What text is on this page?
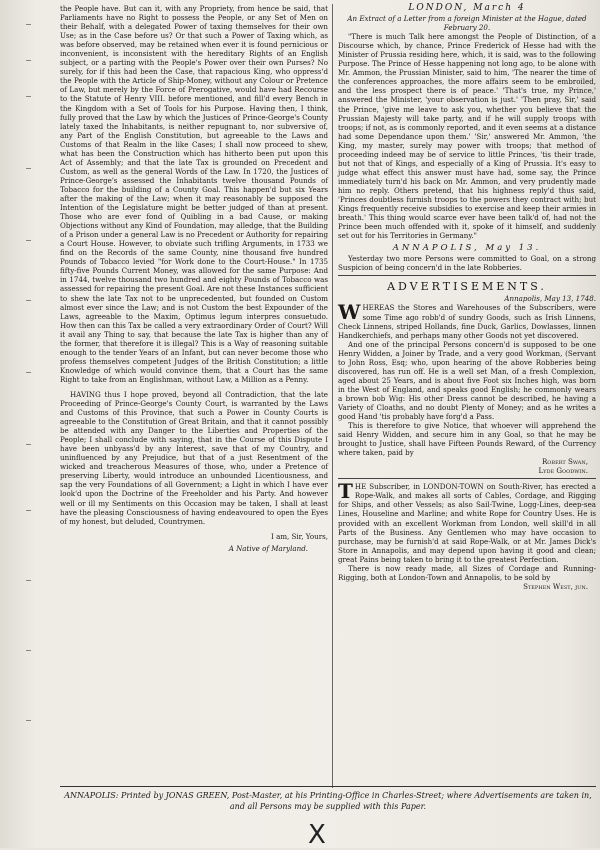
the People have. But can it, with any Propriety, from hence be said, that Parliaments have no Right to possess the People, or any Set of Men on their Behalf, with a delegated Power of taxing themselves for their own Use; as in the Case before us? Or that such a Power of Taxing which, as was before observed, may be retained when ever it is found pernicious or inconvenient, is inconsistent with the hereditary Rights of an English subject, or a parting with the People's Power over their own Purses? No surely, for if this had been the Case, that rapacious King, who oppress'd the People with the Article of Ship-Money, without any Colour or Pretence of Law, but merely by the Force of Prerogative, would have had Recourse to the Statute of Henry VIII. before mentioned, and fill'd every Bench in the Kingdom with a Set of Tools for his Purpose. Having then, I think, fully proved that the Law by which the Justices of Prince-George's County lately taxed the Inhabitants, is neither repugnant to, nor subversive of, any Part of the English Constitution, but agreeable to the Laws and Customs of that Realm in the like Cases; I shall now proceed to shew, what has been the Construction which has hitherto been put upon this Act of Assembly; and that the late Tax is grounded on Precedent and Custom, as well as the general Words of the Law. In 1720, the Justices of Prince-George's assessed the Inhabitants twelve thousand Pounds of Tobacco for the building of a County Goal. This happen'd but six Years after the making of the Law; when it may reasonably be supposed the Intention of the Legislature might be better judged of than at present. Those who are ever fond of Quibling in a bad Cause, or making Objections without any Kind of Foundation, may alledge, that the Building of a Prison under a general Law is no Precedent or Authority for repairing a Court House. However, to obviate such trifling Arguments, in 1733 we find on the Records of the same County, nine thousand five hundred Pounds of Tobacco levied "for Work done to the Court-House." In 1735 fifty-five Pounds Current Money, was allowed for the same Purpose: And in 1744, twelve thousand two hundred and eighty Pounds of Tobacco was assessed for repairing the present Goal. Are not these Instances sufficient to shew the late Tax not to be unprecedented, but founded on Custom almost ever since the Law; and is not Custom the best Expounder of the Laws, agreeable to the Maxim, Optimus legum interpres consuetudo. How then can this Tax be called a very extraordinary Order of Court? Will it avail any Thing to say, that because the late Tax is higher than any of the former, that therefore it is illegal? This is a Way of reasoning suitable enough to the tender Years of an Infant, but can never become those who profess themselves competent Judges of the British Constitution; a little Knowledge of which would convince them, that a Court has the same Right to take from an Englishman, without Law, a Million as a Penny.

HAVING thus I hope proved, beyond all Contradiction, that the late Proceeding of Prince-George's County Court, is warranted by the Laws and Customs of this Province, that such a Power in County Courts is agreeable to the Constitution of Great Britain, and that it cannot possibly be attended with any Danger to the Liberties and Properties of the People; I shall conclude with saying, that in the Course of this Dispute I have been unbyass'd by any Interest, save that of my Country, and uninfluenced by any Prejudice, but that of a just Resentment of the wicked and treacherous Measures of those, who, under a Pretence of preserving Liberty, would introduce an unbounded Licentiousness, and sap the very Foundations of all Government; a Light in which I have ever look'd upon the Doctrine of the Freeholder and his Party. And however well or ill my Sentiments on this Occasion may be taken, I shall at least have the pleasing Consciousness of having endeavoured to open the Eyes of my honest, but deluded, Countrymen.

I am, Sir, Yours,

A Native of Maryland.

LONDON, March 4

An Extract of a Letter from a foreign Minister at the Hague, dated February 20.

"There is much Talk here amongst the People of Distinction, of a Discourse which, by chance, Prince Frederick of Hesse had with the Minister of Prussia residing here, which, it is said, was to the following Purpose. The Prince of Hesse happening not long ago, to be alone with Mr. Ammon, the Prussian Minister, said to him, 'The nearer the time of the conferences approaches, the more affairs seem to be embroiled, and the less prospect there is of peace.' 'That's true, my Prince,' answered the Minister, 'your observation is just.' 'Then pray, Sir,' said the Prince, 'give me leave to ask you, whether you believe that the Prussian Majesty will take party, and if he will supply troops with troops; if not, as is commonly reported, and it even seems at a distance had some Dependance upon them.' 'Sir,' answered Mr. Ammon, 'the King, my master, surely may power with troops; that method of proceeding indeed may be of service to little Princes, 'tis their trade, but not that of Kings, and especially of a King of Prussia. It's easy to judge what effect this answer must have had, some say, the Prince immediately turn'd his back on Mr. Ammon, and very prudently made him no reply. Others pretend, that his highness reply'd thus said, 'Princes doubtless furnish troops to the powers they contract with; but Kings frequently receive subsidies to exercise and keep their armies in breath.' This thing would scarce ever have been talk'd of, had not the Prince been much offended with it, spoke of it himself, and suddenly set out for his Territories in Germany."

ANNAPOLIS, May 13.

Yesterday two more Persons were committed to Goal, on a strong Suspicion of being concern'd in the late Robberies.

ADVERTISEMENTS.

Annapolis, May 13, 1748.

WHEREAS the Stores and Warehouses of the Subscribers, were some Time ago robb'd of sundry Goods, such as Irish Linnens, Check Linnens, striped Hollands, fine Duck, Garlics, Dowlasses, linnen Handkerchiefs, and perhaps many other Goods not yet discovered.

And one of the principal Persons concern'd is supposed to be one Henry Widden, a Joiner by Trade, and a very good Workman, (Servant to John Ross, Esq; who, upon hearing of the above Robberies being discovered, has run off. He is a well set Man, of a fresh Complexion, aged about 25 Years, and is about five Foot six Inches high, was born in the West of England, and speaks good English; he commonly wears a brown bob Wig: His other Dress cannot be described, he having a Variety of Cloaths, and no doubt Plenty of Money; and as he writes a good Hand 'tis probably have forg'd a Pass.

This is therefore to give Notice, that whoever will apprehend the said Henry Widden, and secure him in any Goal, so that he may be brought to Justice, shall have Fifteen Pounds Reward, of the Currency where taken, paid by

Robert Swan,

Lyde Goodwin.

THE Subscriber, in LONDON-TOWN on South-River, has erected a Rope-Walk, and makes all sorts of Cables, Cordage, and Rigging for Ships, and other Vessels; as also Sail-Twine, Logg-Lines, deep-sea Lines, Houseline and Marline; and white Rope for Country Uses. He is provided with an excellent Workman from London, well skill'd in all Parts of the Business. Any Gentlemen who may have occasion to purchase, may be furnish'd at said Rope-Walk, or at Mr. James Dick's Store in Annapolis, and may depend upon having it good and clean; great Pains being taken to bring it to the greatest Perfection.

There is now ready made, all Sizes of Cordage and Running-Rigging, both at London-Town and Annapolis, to be sold by

Stephen West, jun.

ANNAPOLIS: Printed by JONAS GREEN, Post-Master, at his Printing-Office in Charles-Street; where Advertisements are taken in, and all Persons may be supplied with this Paper.
X
